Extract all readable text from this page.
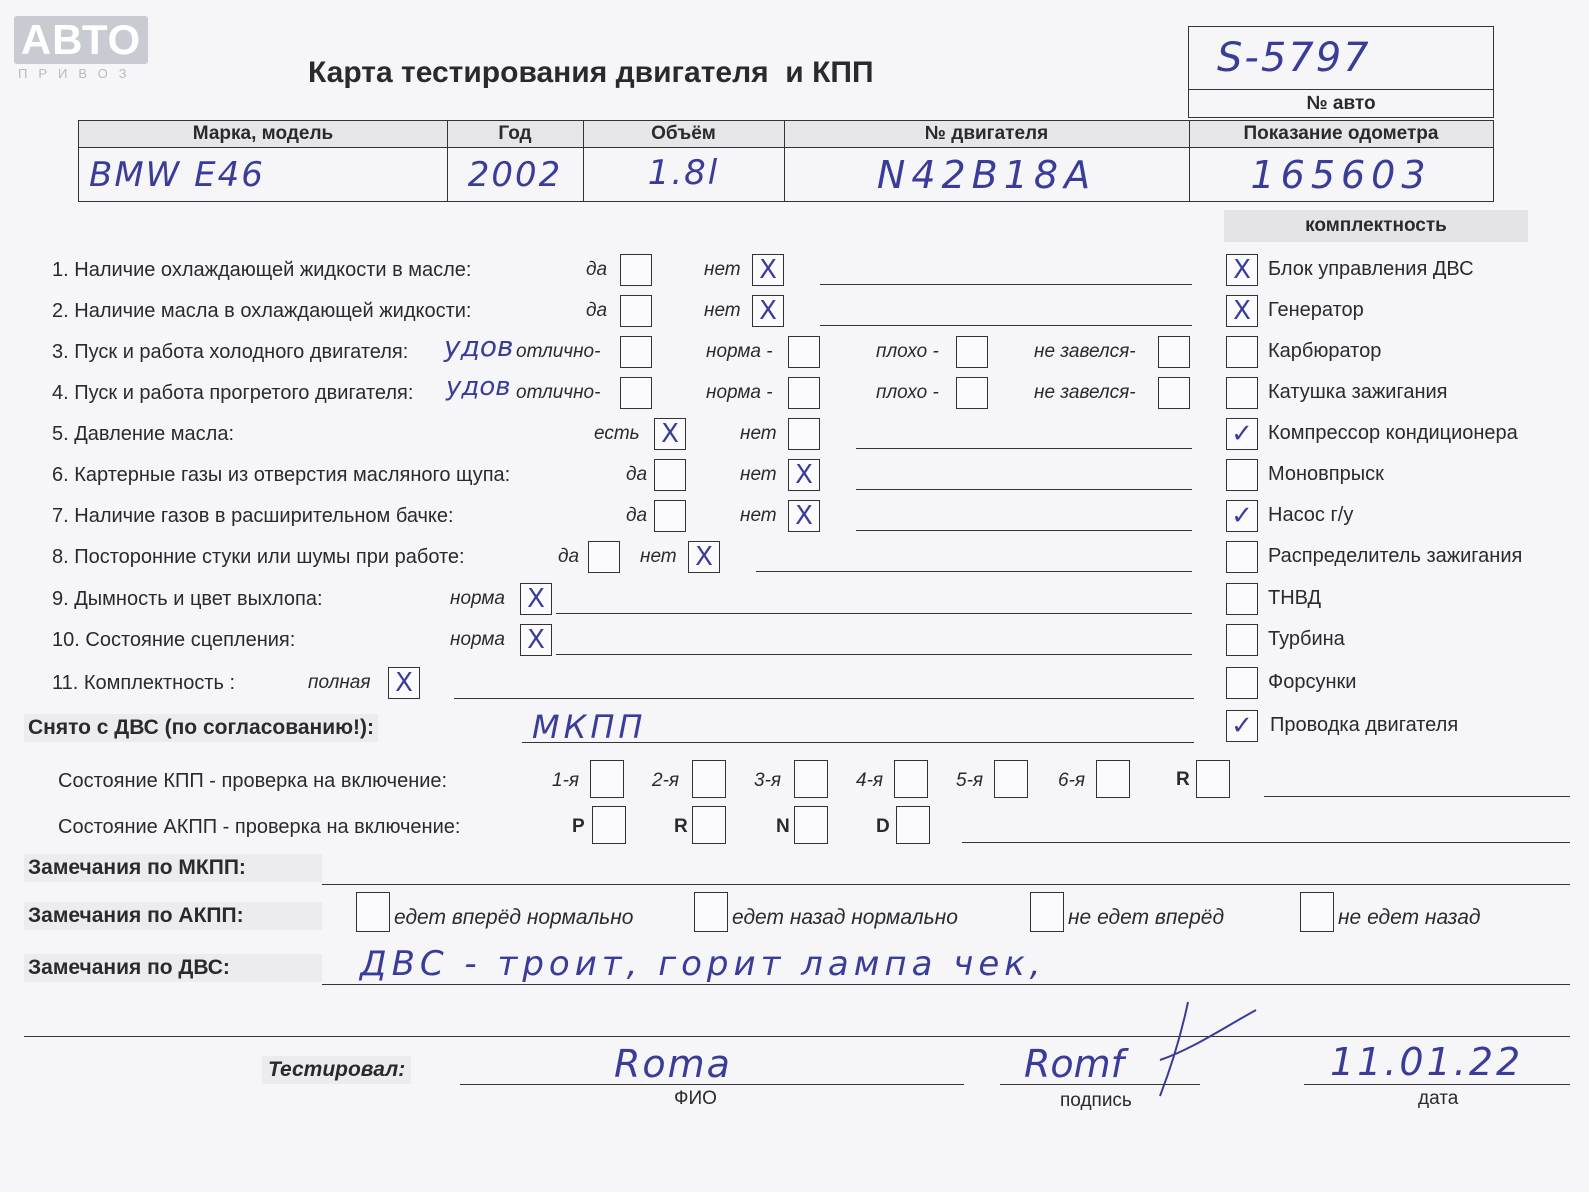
АВТО
ПРИВОЗ	Карта тестирования двигателя  и КПП	S-5797
№ авто
Марка, модель	Год	Объём	№ двигателя	Показание одометра
BMW E46	2002	1.8l	N42B18A	165603
комплектность
1. Наличие охлаждающей жидкости в масле:	да	нет X
2. Наличие масла в охлаждающей жидкости:	да	нет X
3. Пуск и работа холодного двигателя: удов отлично-	норма -	плохо -	не завелся-
4. Пуск и работа прогретого двигателя: удов отлично-	норма -	плохо -	не завелся-
5. Давление масла:	есть X	нет
6. Картерные газы из отверстия масляного щупа:	да	нет X
7. Наличие газов в расширительном бачке:	да	нет X
8. Посторонние стуки или шумы при работе:	да	нет X
9. Дымность и цвет выхлопа:	норма X
10. Состояние сцепления:	норма X
11. Комплектность :	полная X
X Блок управления ДВС
X Генератор
Карбюратор
Катушка зажигания
✓ Компрессор кондиционера
Моновпрыск
✓ Насос г/у
Распределитель зажигания
ТНВД
Турбина
Форсунки
✓ Проводка двигателя
Снято с ДВС (по согласованию!):	МКПП
Состояние КПП - проверка на включение:	1-я	2-я	3-я	4-я	5-я	6-я	R
Состояние АКПП - проверка на включение:	P	R	N	D
Замечания по МКПП:
Замечания по АКПП:	едет вперёд нормально	едет назад нормально	не едет вперёд	не едет назад
Замечания по ДВС:	ДВС - троит, горит лампа чек,
Тестировал:	Roma
ФИО
Romf
подпись
11.01.22
дата
